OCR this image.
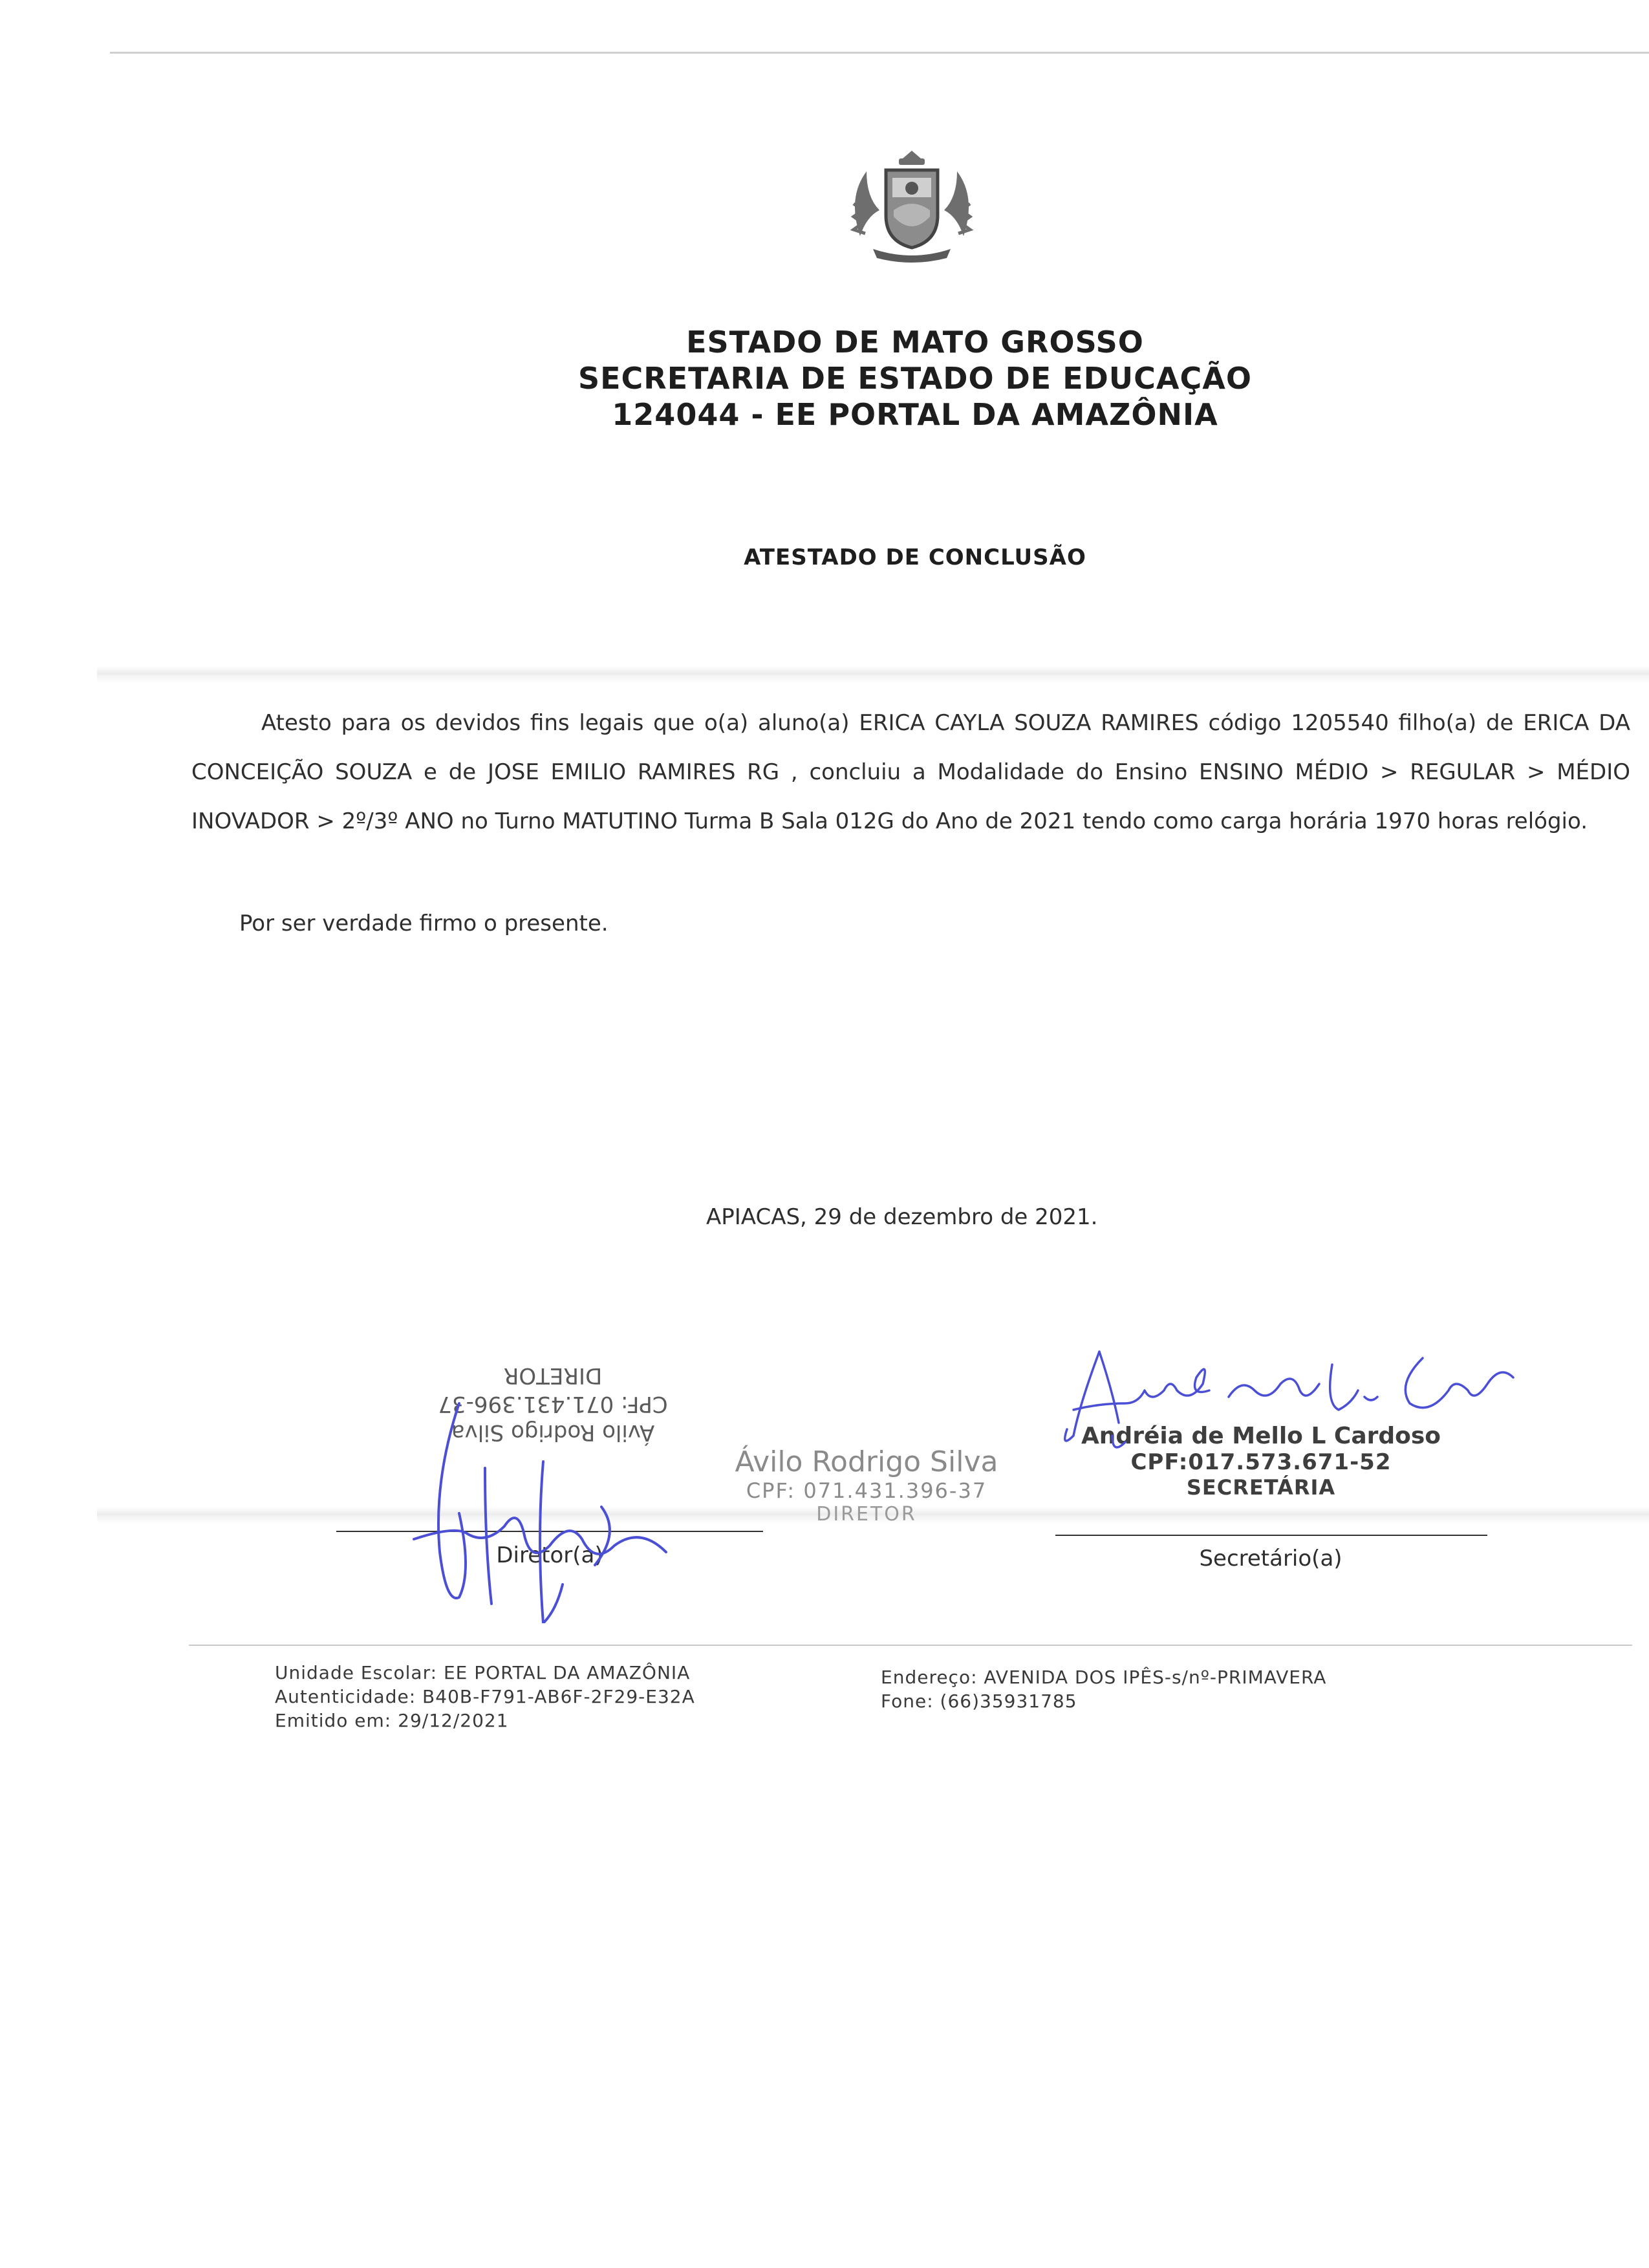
ESTADO DE MATO GROSSO
SECRETARIA DE ESTADO DE EDUCAÇÃO
124044 - EE PORTAL DA AMAZÔNIA
ATESTADO DE CONCLUSÃO

Atesto para os devidos fins legais que o(a) aluno(a) ERICA CAYLA SOUZA RAMIRES código 1205540 filho(a) de ERICA DA CONCEIÇÃO SOUZA e de JOSE EMILIO RAMIRES RG , concluiu a Modalidade do Ensino ENSINO MÉDIO > REGULAR > MÉDIO INOVADOR > 2º/3º ANO no Turno MATUTINO Turma B Sala 012G do Ano de 2021 tendo como carga horária 1970 horas relógio.

Por ser verdade firmo o presente.
APIACAS, 29 de dezembro de 2021.
Ávilo Rodrigo Silva
CPF: 071.431.396-37
DIRETOR
Ávilo Rodrigo Silva
CPF: 071.431.396-37
DIRETOR
Andréia de Mello L Cardoso
CPF:017.573.671-52
SECRETÁRIA
Diretor(a)	Secretário(a)
Unidade Escolar: EE PORTAL DA AMAZÔNIA
Autenticidade: B40B-F791-AB6F-2F29-E32A
Emitido em: 29/12/2021
Endereço: AVENIDA DOS IPÊS-s/nº-PRIMAVERA
Fone: (66)35931785
